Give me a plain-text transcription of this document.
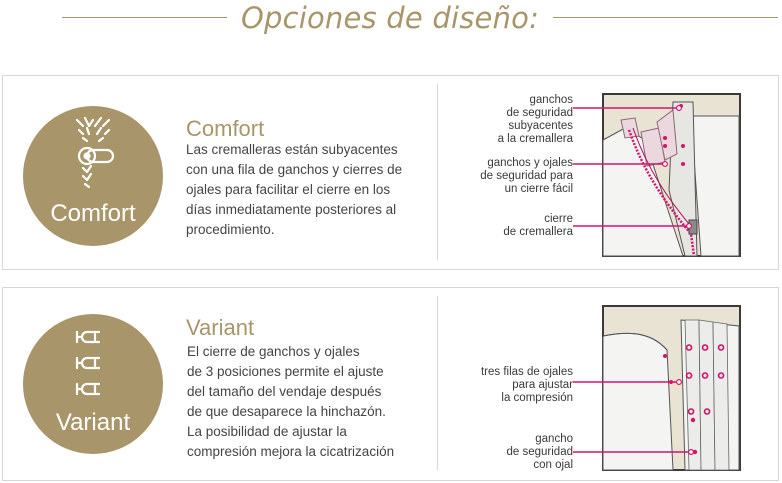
Opciones de diseño:
Comfort
Comfort
Las cremalleras están subyacentes
con una fila de ganchos y cierres de
ojales para facilitar el cierre en los
días inmediatamente posteriores al
procedimiento.
ganchos
de seguridad
subyacentes
a la cremallera
ganchos y ojales
de seguridad para
un cierre fácil
cierre
de cremallera
Variant
Variant
El cierre de ganchos y ojales
de 3 posiciones permite el ajuste
del tamaño del vendaje después
de que desaparece la hinchazón.
La posibilidad de ajustar la
compresión mejora la cicatrización
tres filas de ojales
para ajustar
la compresión
gancho
de seguridad
con ojal
